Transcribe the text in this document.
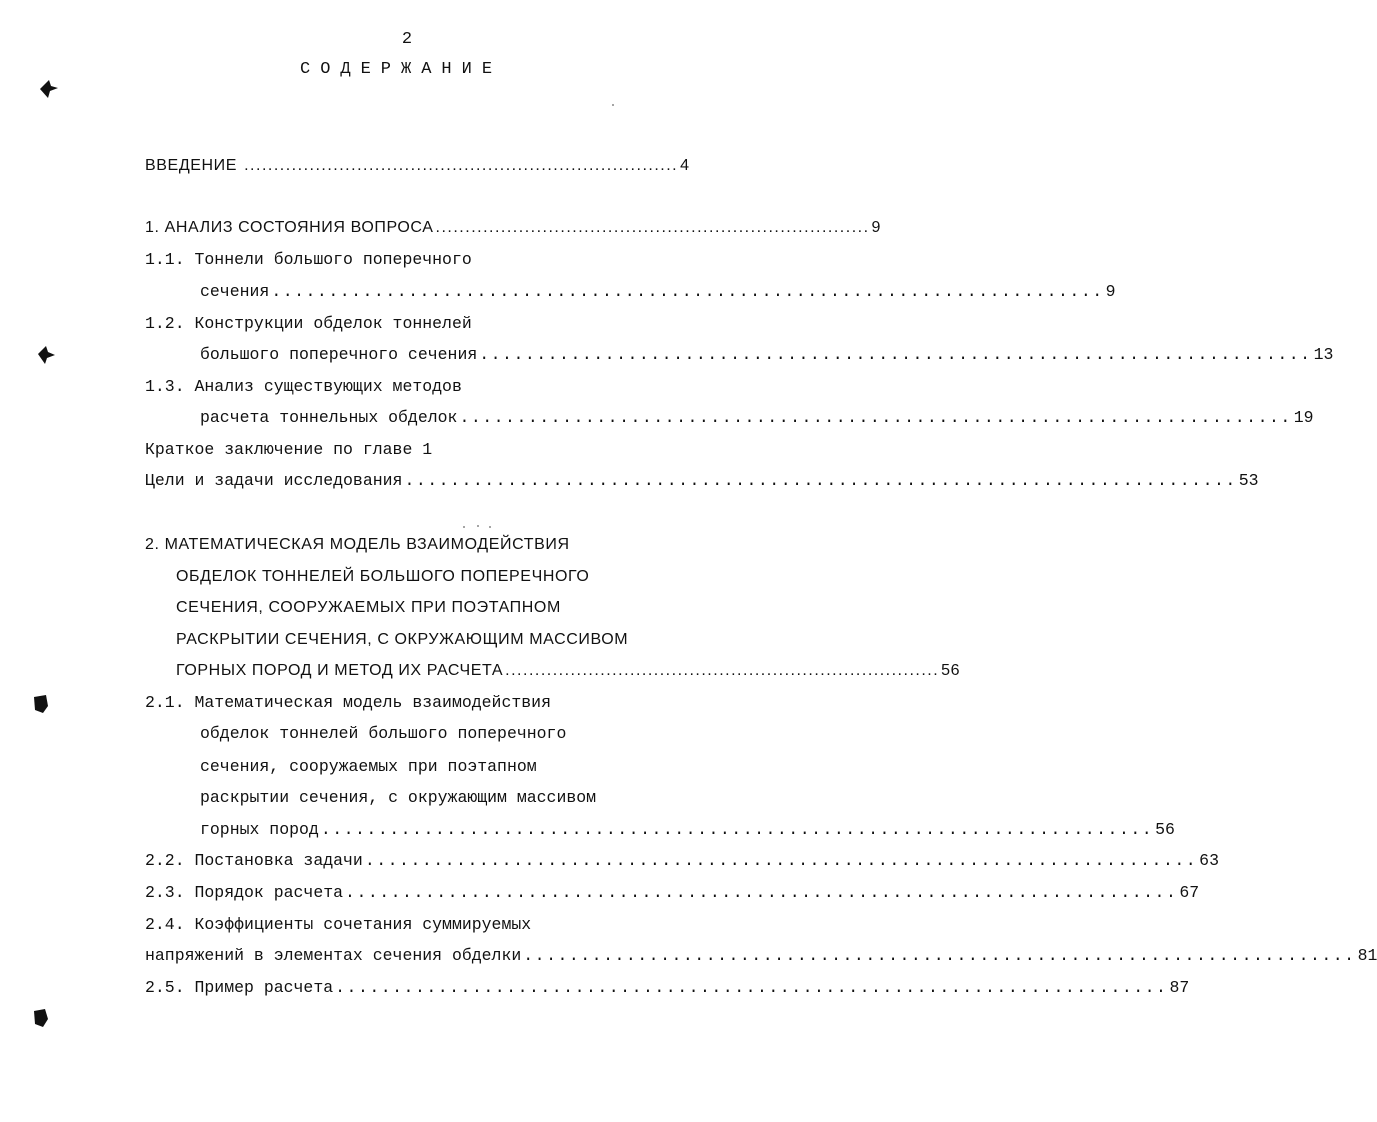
2
СОДЕРЖАНИЕ
ВВЕДЕНИЕ ......................................................................... 4
1. АНАЛИЗ СОСТОЯНИЯ ВОПРОСА ......................................................................... 9
1.1. Тоннели большого поперечного
сечения ......................................................................... 9
1.2. Конструкции обделок тоннелей
большого поперечного сечения ......................................................................... 13
1.3. Анализ существующих методов
расчета тоннельных обделок ......................................................................... 19
Краткое заключение по главе 1
Цели и задачи исследования ......................................................................... 53
2. МАТЕМАТИЧЕСКАЯ МОДЕЛЬ ВЗАИМОДЕЙСТВИЯ
ОБДЕЛОК ТОННЕЛЕЙ БОЛЬШОГО ПОПЕРЕЧНОГО
СЕЧЕНИЯ, СООРУЖАЕМЫХ ПРИ ПОЭТАПНОМ
РАСКРЫТИИ СЕЧЕНИЯ, С ОКРУЖАЮЩИМ МАССИВОМ
ГОРНЫХ ПОРОД И МЕТОД ИХ РАСЧЕТА ......................................................................... 56
2.1. Математическая модель взаимодействия
обделок тоннелей большого поперечного
сечения, сооружаемых при поэтапном
раскрытии сечения, с окружающим массивом
горных пород ......................................................................... 56
2.2. Постановка задачи ......................................................................... 63
2.3. Порядок расчета ......................................................................... 67
2.4. Коэффициенты сочетания суммируемых
напряжений в элементах сечения обделки ......................................................................... 81
2.5. Пример расчета ......................................................................... 87
